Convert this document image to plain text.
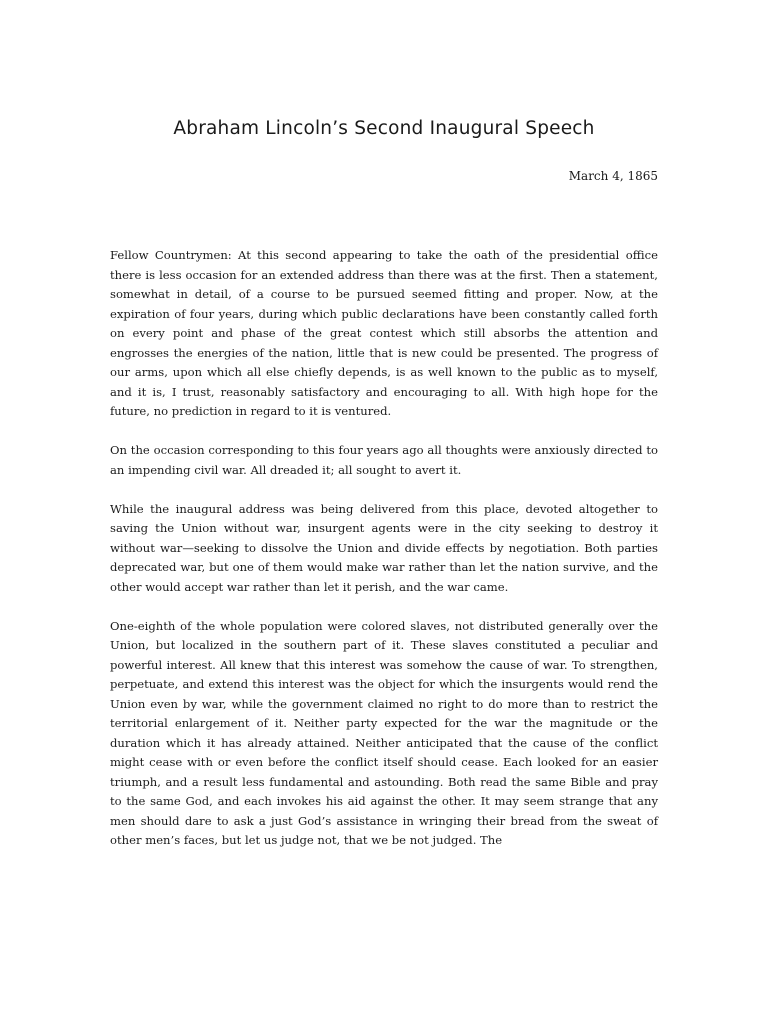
Abraham Lincoln’s Second Inaugural Speech
March 4, 1865

Fellow Countrymen: At this second appearing to take the oath of the presidential office there is less occasion for an extended address than there was at the first. Then a statement, somewhat in detail, of a course to be pursued seemed fitting and proper. Now, at the expiration of four years, during which public declarations have been constantly called forth on every point and phase of the great contest which still absorbs the attention and engrosses the energies of the nation, little that is new could be presented. The progress of our arms, upon which all else chiefly depends, is as well known to the public as to myself, and it is, I trust, reasonably satisfactory and encouraging to all. With high hope for the future, no prediction in regard to it is ventured.

On the occasion corresponding to this four years ago all thoughts were anxiously directed to an impending civil war. All dreaded it; all sought to avert it.

While the inaugural address was being delivered from this place, devoted altogether to saving the Union without war, insurgent agents were in the city seeking to destroy it without war—seeking to dissolve the Union and divide effects by negotiation. Both parties deprecated war, but one of them would make war rather than let the nation survive, and the other would accept war rather than let it perish, and the war came.

One-eighth of the whole population were colored slaves, not distributed generally over the Union, but localized in the southern part of it. These slaves constituted a peculiar and powerful interest. All knew that this interest was somehow the cause of war. To strengthen, perpetuate, and extend this interest was the object for which the insurgents would rend the Union even by war, while the government claimed no right to do more than to restrict the territorial enlargement of it. Neither party expected for the war the magnitude or the duration which it has already attained. Neither anticipated that the cause of the conflict might cease with or even before the conflict itself should cease. Each looked for an easier triumph, and a result less fundamental and astounding. Both read the same Bible and pray to the same God, and each invokes his aid against the other. It may seem strange that any men should dare to ask a just God’s assistance in wringing their bread from the sweat of other men’s faces, but let us judge not, that we be not judged. The
